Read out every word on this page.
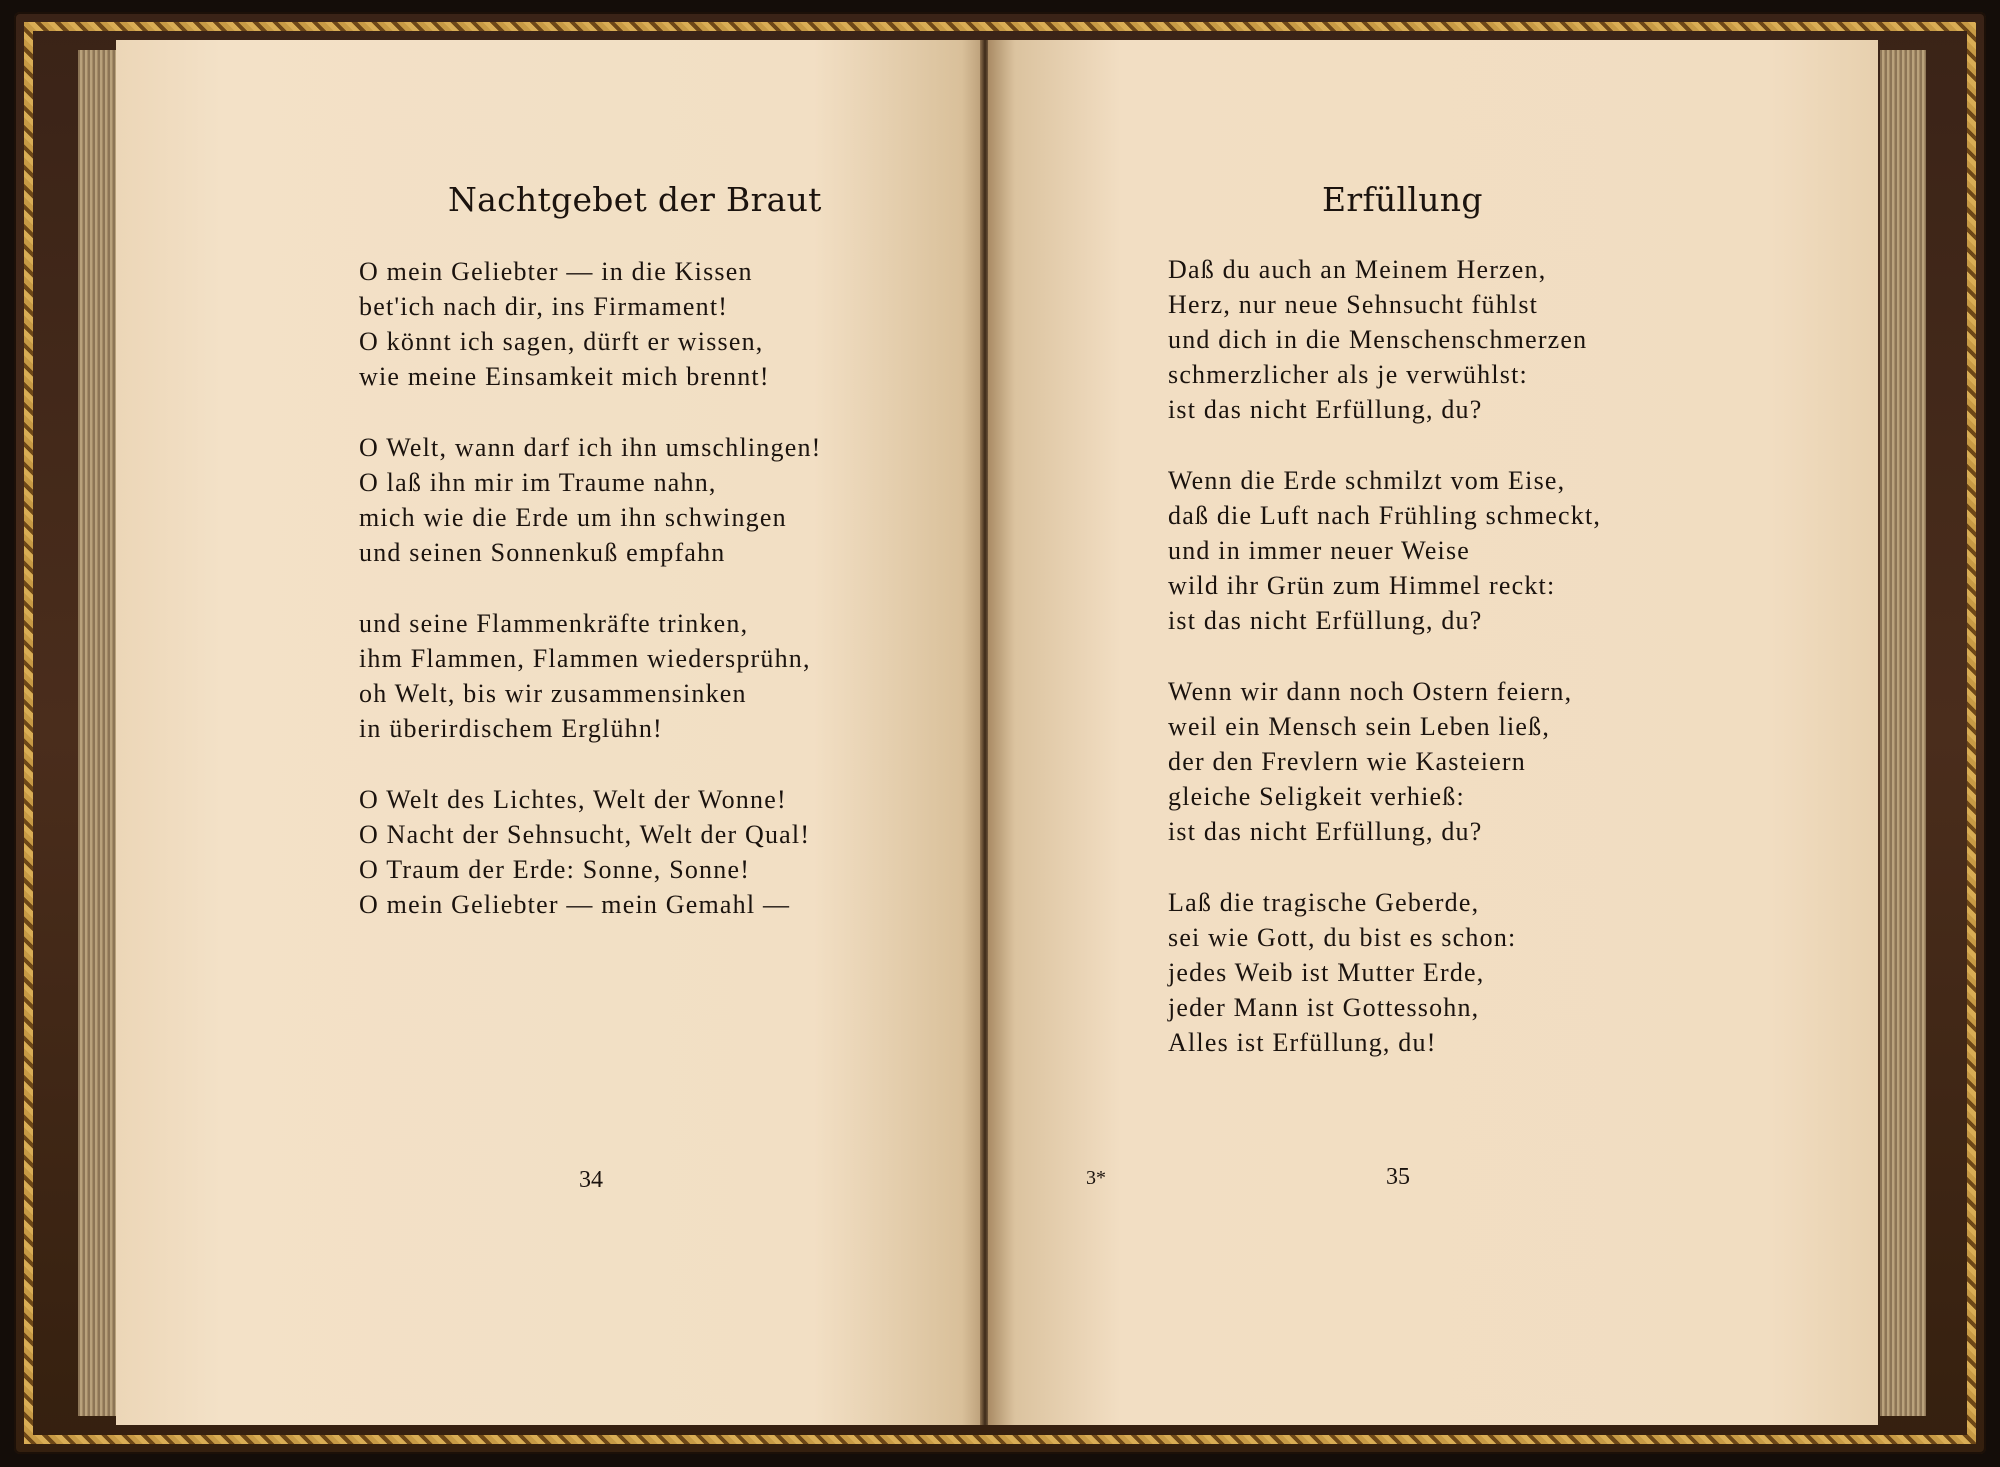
Nachtgebet der Braut
O mein Geliebter — in die Kissen
bet'ich nach dir, ins Firmament!
O könnt ich sagen, dürft er wissen,
wie meine Einsamkeit mich brennt!
O Welt, wann darf ich ihn umschlingen!
O laß ihn mir im Traume nahn,
mich wie die Erde um ihn schwingen
und seinen Sonnenkuß empfahn
und seine Flammenkräfte trinken,
ihm Flammen, Flammen wiedersprühn,
oh Welt, bis wir zusammensinken
in überirdischem Erglühn!
O Welt des Lichtes, Welt der Wonne!
O Nacht der Sehnsucht, Welt der Qual!
O Traum der Erde: Sonne, Sonne!
O mein Geliebter — mein Gemahl —
34
Erfüllung
Daß du auch an Meinem Herzen,
Herz, nur neue Sehnsucht fühlst
und dich in die Menschenschmerzen
schmerzlicher als je verwühlst:
ist das nicht Erfüllung, du?
Wenn die Erde schmilzt vom Eise,
daß die Luft nach Frühling schmeckt,
und in immer neuer Weise
wild ihr Grün zum Himmel reckt:
ist das nicht Erfüllung, du?
Wenn wir dann noch Ostern feiern,
weil ein Mensch sein Leben ließ,
der den Frevlern wie Kasteiern
gleiche Seligkeit verhieß:
ist das nicht Erfüllung, du?
Laß die tragische Geberde,
sei wie Gott, du bist es schon:
jedes Weib ist Mutter Erde,
jeder Mann ist Gottessohn,
Alles ist Erfüllung, du!
3*	35
